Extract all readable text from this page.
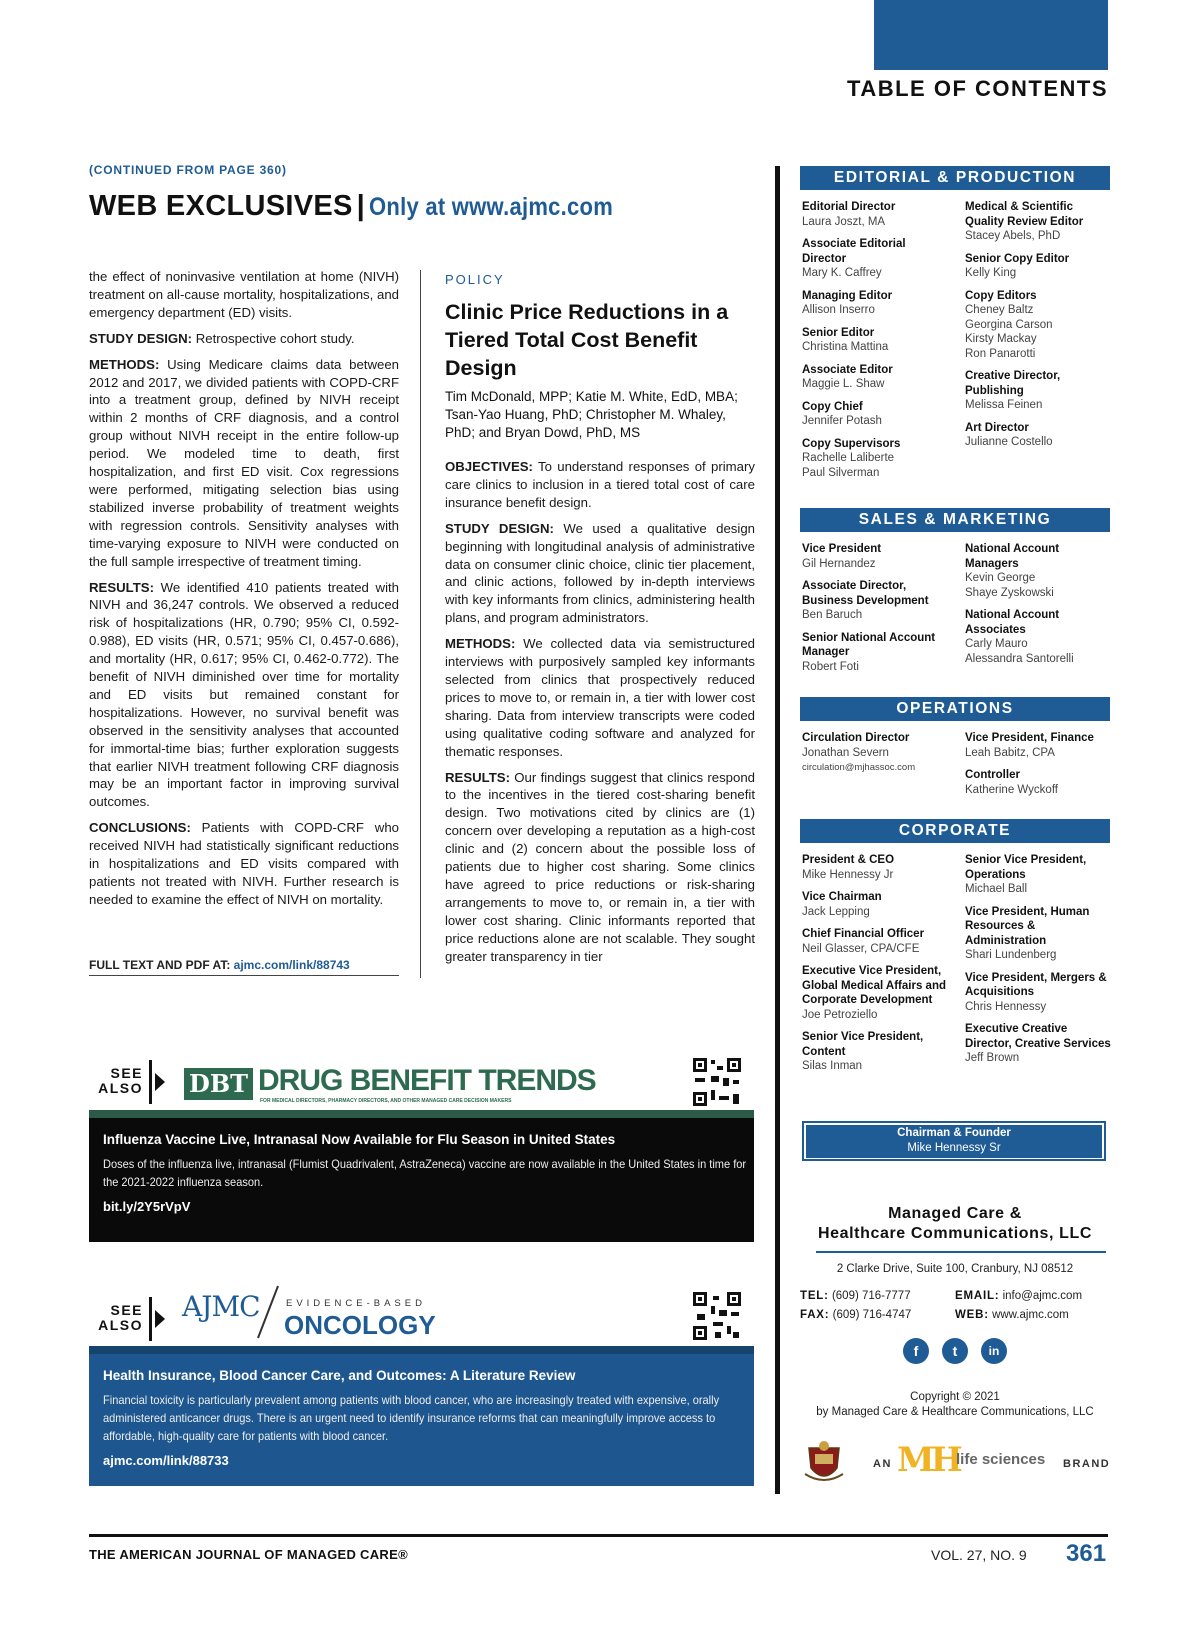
TABLE OF CONTENTS
(CONTINUED FROM PAGE 360)
WEB EXCLUSIVES | Only at www.ajmc.com

the effect of noninvasive ventilation at home (NIVH) treatment on all-cause mortality, hospitalizations, and emergency department (ED) visits.

STUDY DESIGN: Retrospective cohort study.

METHODS: Using Medicare claims data between 2012 and 2017, we divided patients with COPD-CRF into a treatment group, defined by NIVH receipt within 2 months of CRF diagnosis, and a control group without NIVH receipt in the entire follow-up period. We modeled time to death, first hospitalization, and first ED visit. Cox regressions were performed, mitigating selection bias using stabilized inverse probability of treatment weights with regression controls. Sensitivity analyses with time-varying exposure to NIVH were conducted on the full sample irrespective of treatment timing.

RESULTS: We identified 410 patients treated with NIVH and 36,247 controls. We observed a reduced risk of hospitalizations (HR, 0.790; 95% CI, 0.592-0.988), ED visits (HR, 0.571; 95% CI, 0.457-0.686), and mortality (HR, 0.617; 95% CI, 0.462-0.772). The benefit of NIVH diminished over time for mortality and ED visits but remained constant for hospitalizations. However, no survival benefit was observed in the sensitivity analyses that accounted for immortal-time bias; further exploration suggests that earlier NIVH treatment following CRF diagnosis may be an important factor in improving survival outcomes.

CONCLUSIONS: Patients with COPD-CRF who received NIVH had statistically significant reductions in hospitalizations and ED visits compared with patients not treated with NIVH. Further research is needed to examine the effect of NIVH on mortality.

FULL TEXT AND PDF AT: ajmc.com/link/88743
POLICY
Clinic Price Reductions in a Tiered Total Cost Benefit Design
Tim McDonald, MPP; Katie M. White, EdD, MBA; Tsan-Yao Huang, PhD; Christopher M. Whaley, PhD; and Bryan Dowd, PhD, MS

OBJECTIVES: To understand responses of primary care clinics to inclusion in a tiered total cost of care insurance benefit design.

STUDY DESIGN: We used a qualitative design beginning with longitudinal analysis of administrative data on consumer clinic choice, clinic tier placement, and clinic actions, followed by in-depth interviews with key informants from clinics, administering health plans, and program administrators.

METHODS: We collected data via semistructured interviews with purposively sampled key informants selected from clinics that prospectively reduced prices to move to, or remain in, a tier with lower cost sharing. Data from interview transcripts were coded using qualitative coding software and analyzed for thematic responses.

RESULTS: Our findings suggest that clinics respond to the incentives in the tiered cost-sharing benefit design. Two motivations cited by clinics are (1) concern over developing a reputation as a high-cost clinic and (2) concern about the possible loss of patients due to higher cost sharing. Some clinics have agreed to price reductions or risk-sharing arrangements to move to, or remain in, a tier with lower cost sharing. Clinic informants reported that price reductions alone are not scalable. They sought greater transparency in tier

EDITORIAL & PRODUCTION
Editorial Director
Laura Joszt, MA
Associate Editorial Director
Mary K. Caffrey
Managing Editor
Allison Inserro
Senior Editor
Christina Mattina
Associate Editor
Maggie L. Shaw
Copy Chief
Jennifer Potash
Copy Supervisors
Rachelle Laliberte
Paul Silverman
Medical & Scientific Quality Review Editor
Stacey Abels, PhD
Senior Copy Editor
Kelly King
Copy Editors
Cheney Baltz
Georgina Carson
Kirsty Mackay
Ron Panarotti
Creative Director, Publishing
Melissa Feinen
Art Director
Julianne Costello
SALES & MARKETING
Vice President
Gil Hernandez
Associate Director, Business Development
Ben Baruch
Senior National Account Manager
Robert Foti
National Account Managers
Kevin George
Shaye Zyskowski
National Account Associates
Carly Mauro
Alessandra Santorelli
OPERATIONS
Circulation Director
Jonathan Severn
circulation@mjhassoc.com
Vice President, Finance
Leah Babitz, CPA
Controller
Katherine Wyckoff
CORPORATE
President & CEO
Mike Hennessy Jr
Vice Chairman
Jack Lepping
Chief Financial Officer
Neil Glasser, CPA/CFE
Executive Vice President, Global Medical Affairs and Corporate Development
Joe Petroziello
Senior Vice President, Content
Silas Inman
Senior Vice President, Operations
Michael Ball
Vice President, Human Resources & Administration
Shari Lundenberg
Vice President, Mergers & Acquisitions
Chris Hennessy
Executive Creative Director, Creative Services
Jeff Brown
Chairman & Founder
Mike Hennessy Sr
Managed Care &
Healthcare Communications, LLC
2 Clarke Drive, Suite 100, Cranbury, NJ 08512
TEL: (609) 716-7777
FAX: (609) 716-4747
EMAIL: info@ajmc.com
WEB: www.ajmc.com
f	t	in
Copyright © 2021
by Managed Care & Healthcare Communications, LLC
AN MH
life sciences BRAND
SEE
ALSO DBT DRUG BENEFIT TRENDS
FOR MEDICAL DIRECTORS, PHARMACY DIRECTORS, AND OTHER MANAGED CARE DECISION MAKERS
Influenza Vaccine Live, Intranasal Now Available for Flu Season in United States
Doses of the influenza live, intranasal (Flumist Quadrivalent, AstraZeneca) vaccine are now available in the United States in time for the 2021-2022 influenza season.
bit.ly/2Y5rVpV
SEE
ALSO
AJMC	EVIDENCE-BASED
ONCOLOGY
Health Insurance, Blood Cancer Care, and Outcomes: A Literature Review
Financial toxicity is particularly prevalent among patients with blood cancer, who are increasingly treated with expensive, orally administered anticancer drugs. There is an urgent need to identify insurance reforms that can meaningfully improve access to affordable, high-quality care for patients with blood cancer.
ajmc.com/link/88733
THE AMERICAN JOURNAL OF MANAGED CARE®	VOL. 27, NO. 9 361
